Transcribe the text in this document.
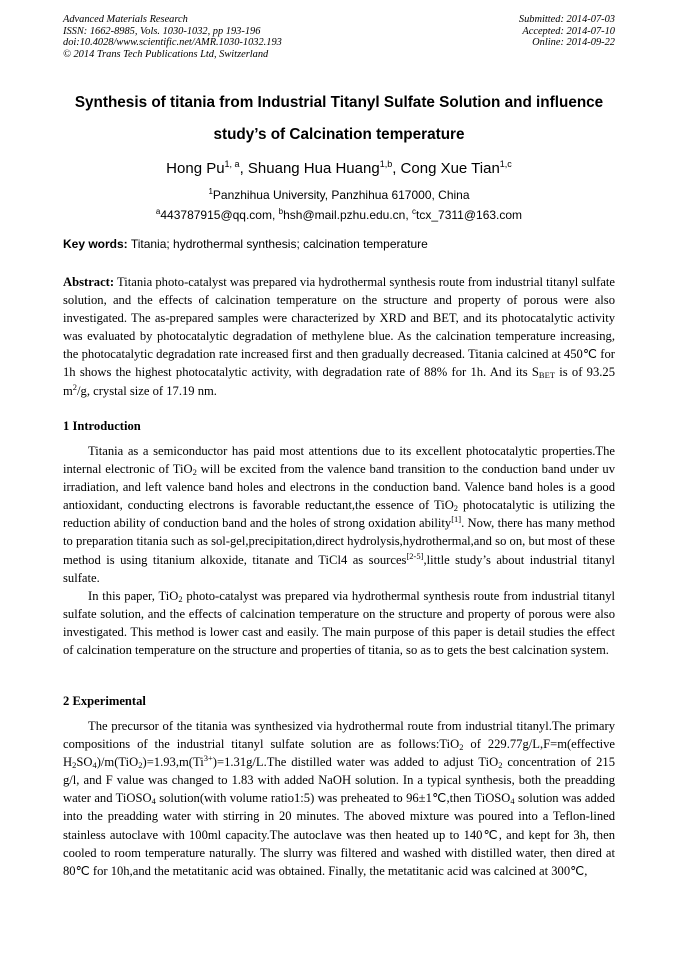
Advanced Materials Research
ISSN: 1662-8985, Vols. 1030-1032, pp 193-196
doi:10.4028/www.scientific.net/AMR.1030-1032.193
© 2014 Trans Tech Publications Ltd, Switzerland
Submitted: 2014-07-03
Accepted: 2014-07-10
Online: 2014-09-22
Synthesis of titania from Industrial Titanyl Sulfate Solution and influence
study’s of Calcination temperature
Hong Pu$^{1, a}$, Shuang Hua Huang$^{1,b}$, Cong Xue Tian$^{1,c}$
$^1$Panzhihua University, Panzhihua 617000, China
$^a$443787915@qq.com, $^b$hsh@mail.pzhu.edu.cn, $^c$tcx_7311@163.com
Key words: Titania; hydrothermal synthesis; calcination temperature

Abstract: Titania photo-catalyst was prepared via hydrothermal synthesis route from industrial titanyl sulfate solution, and the effects of calcination temperature on the structure and property of porous were also investigated. The as-prepared samples were characterized by XRD and BET, and its photocatalytic activity was evaluated by photocatalytic degradation of methylene blue. As the calcination temperature increasing, the photocatalytic degradation rate increased first and then gradually decreased. Titania calcined at 450℃ for 1h shows the highest photocatalytic activity, with degradation rate of 88% for 1h. And its $S_{BET}$ is of 93.25 $m^2/g$, crystal size of 17.19 nm.

1 Introduction

Titania as a semiconductor has paid most attentions due to its excellent photocatalytic properties.The internal electronic of TiO$_2$ will be excited from the valence band transition to the conduction band under uv irradiation, and left valence band holes and electrons in the conduction band. Valence band holes is a good antioxidant, conducting electrons is favorable reductant,the essence of TiO$_2$ photocatalytic is utilizing the reduction ability of conduction band and the holes of strong oxidation ability[1]. Now, there has many method to preparation titania such as sol-gel,precipitation,direct hydrolysis,hydrothermal,and so on, but most of these method is using titanium alkoxide, titanate and TiCl4 as sources[2-5],little study’s about industrial titanyl sulfate.

In this paper, TiO$_2$ photo-catalyst was prepared via hydrothermal synthesis route from industrial titanyl sulfate solution, and the effects of calcination temperature on the structure and property of porous were also investigated. This method is lower cast and easily. The main purpose of this paper is detail studies the effect of calcination temperature on the structure and properties of titania, so as to gets the best calcination system.

2 Experimental

The precursor of the titania was synthesized via hydrothermal route from industrial titanyl.The primary compositions of the industrial titanyl sulfate solution are as follows:TiO$_2$ of 229.77g/L,F=m(effective $H_2SO_4)/m(TiO_2)=1.93,m(Ti^{3+})=1.31g/L.The$ distilled water was added to adjust TiO$_2$ concentration of 215 g/l, and F value was changed to 1.83 with added NaOH solution. In a typical synthesis, both the preadding water and TiOSO$_4$ solution(with volume ratio1:5) was preheated to 96±1℃,then TiOSO$_4$ solution was added into the preadding water with stirring in 20 minutes. The aboved mixture was poured into a Teflon-lined stainless autoclave with 100ml capacity.The autoclave was then heated up to 140℃, and kept for 3h, then cooled to room temperature naturally. The slurry was filtered and washed with distilled water, then dired at 80℃ for 10h,and the metatitanic acid was obtained. Finally, the metatitanic acid was calcined at 300℃,
